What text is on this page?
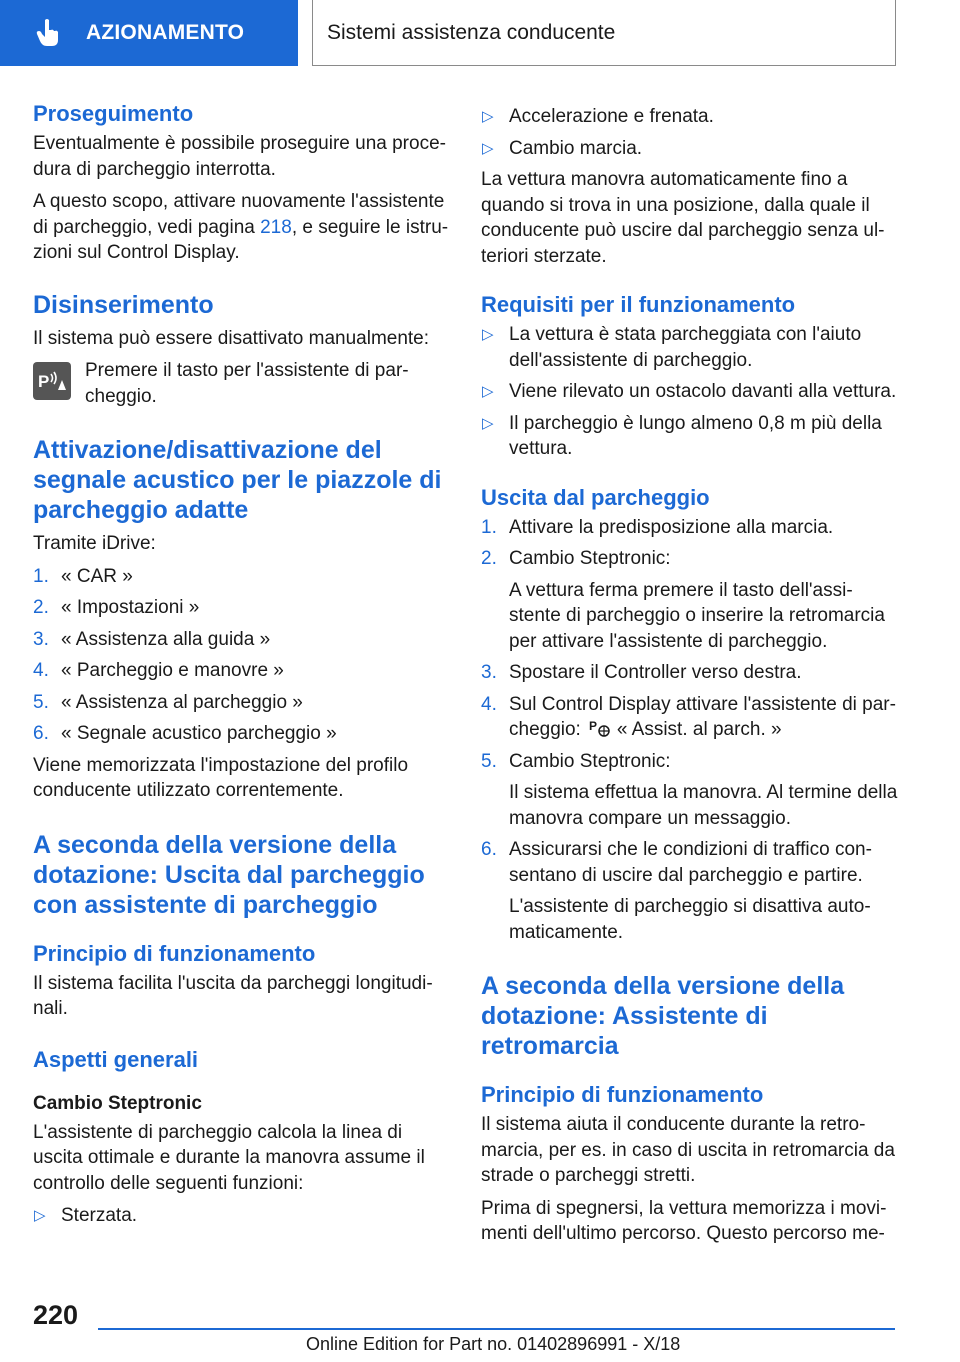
AZIONAMENTO	Sistemi assistenza conducente
Proseguimento

Eventualmente è possibile proseguire una proce-dura di parcheggio interrotta.

A questo scopo, attivare nuovamente l'assistente di parcheggio, vedi pagina 218, e seguire le istru-zioni sul Control Display.

Disinserimento

Il sistema può essere disattivato manualmente:

P
Premere il tasto per l'assistente di par-cheggio.
Attivazione/disattivazione del segnale acustico per le piazzole di parcheggio adatte

Tramite iDrive:

1. « CAR »
2. « Impostazioni »
3. « Assistenza alla guida »
4. « Parcheggio e manovre »
5. « Assistenza al parcheggio »
6. « Segnale acustico parcheggio »

Viene memorizzata l'impostazione del profilo conducente utilizzato correntemente.

A seconda della versione della dotazione: Uscita dal parcheggio con assistente di parcheggio
Principio di funzionamento

Il sistema facilita l'uscita da parcheggi longitudi-nali.

Aspetti generali
Cambio Steptronic

L'assistente di parcheggio calcola la linea di uscita ottimale e durante la manovra assume il controllo delle seguenti funzioni:

▷ Sterzata.
▷ Accelerazione e frenata.
▷ Cambio marcia.

La vettura manovra automaticamente fino a quando si trova in una posizione, dalla quale il conducente può uscire dal parcheggio senza ul-teriori sterzate.

Requisiti per il funzionamento
▷ La vettura è stata parcheggiata con l'aiuto dell'assistente di parcheggio.
▷ Viene rilevato un ostacolo davanti alla vettura.
▷ Il parcheggio è lungo almeno 0,8 m più della vettura.
Uscita dal parcheggio
1. Attivare la predisposizione alla marcia.
2. Cambio Steptronic:
A vettura ferma premere il tasto dell'assi-stente di parcheggio o inserire la retromarcia per attivare l'assistente di parcheggio.
3. Spostare il Controller verso destra.
4. Sul Control Display attivare l'assistente di par-cheggio: P « Assist. al parch. »
5. Cambio Steptronic:
Il sistema effettua la manovra. Al termine della manovra compare un messaggio.
6. Assicurarsi che le condizioni di traffico con-sentano di uscire dal parcheggio e partire.
L'assistente di parcheggio si disattiva auto-maticamente.
A seconda della versione della dotazione: Assistente di retromarcia
Principio di funzionamento

Il sistema aiuta il conducente durante la retro-marcia, per es. in caso di uscita in retromarcia da strade o parcheggi stretti.

Prima di spegnersi, la vettura memorizza i movi-menti dell'ultimo percorso. Questo percorso me-

220
Online Edition for Part no. 01402896991 - X/18
